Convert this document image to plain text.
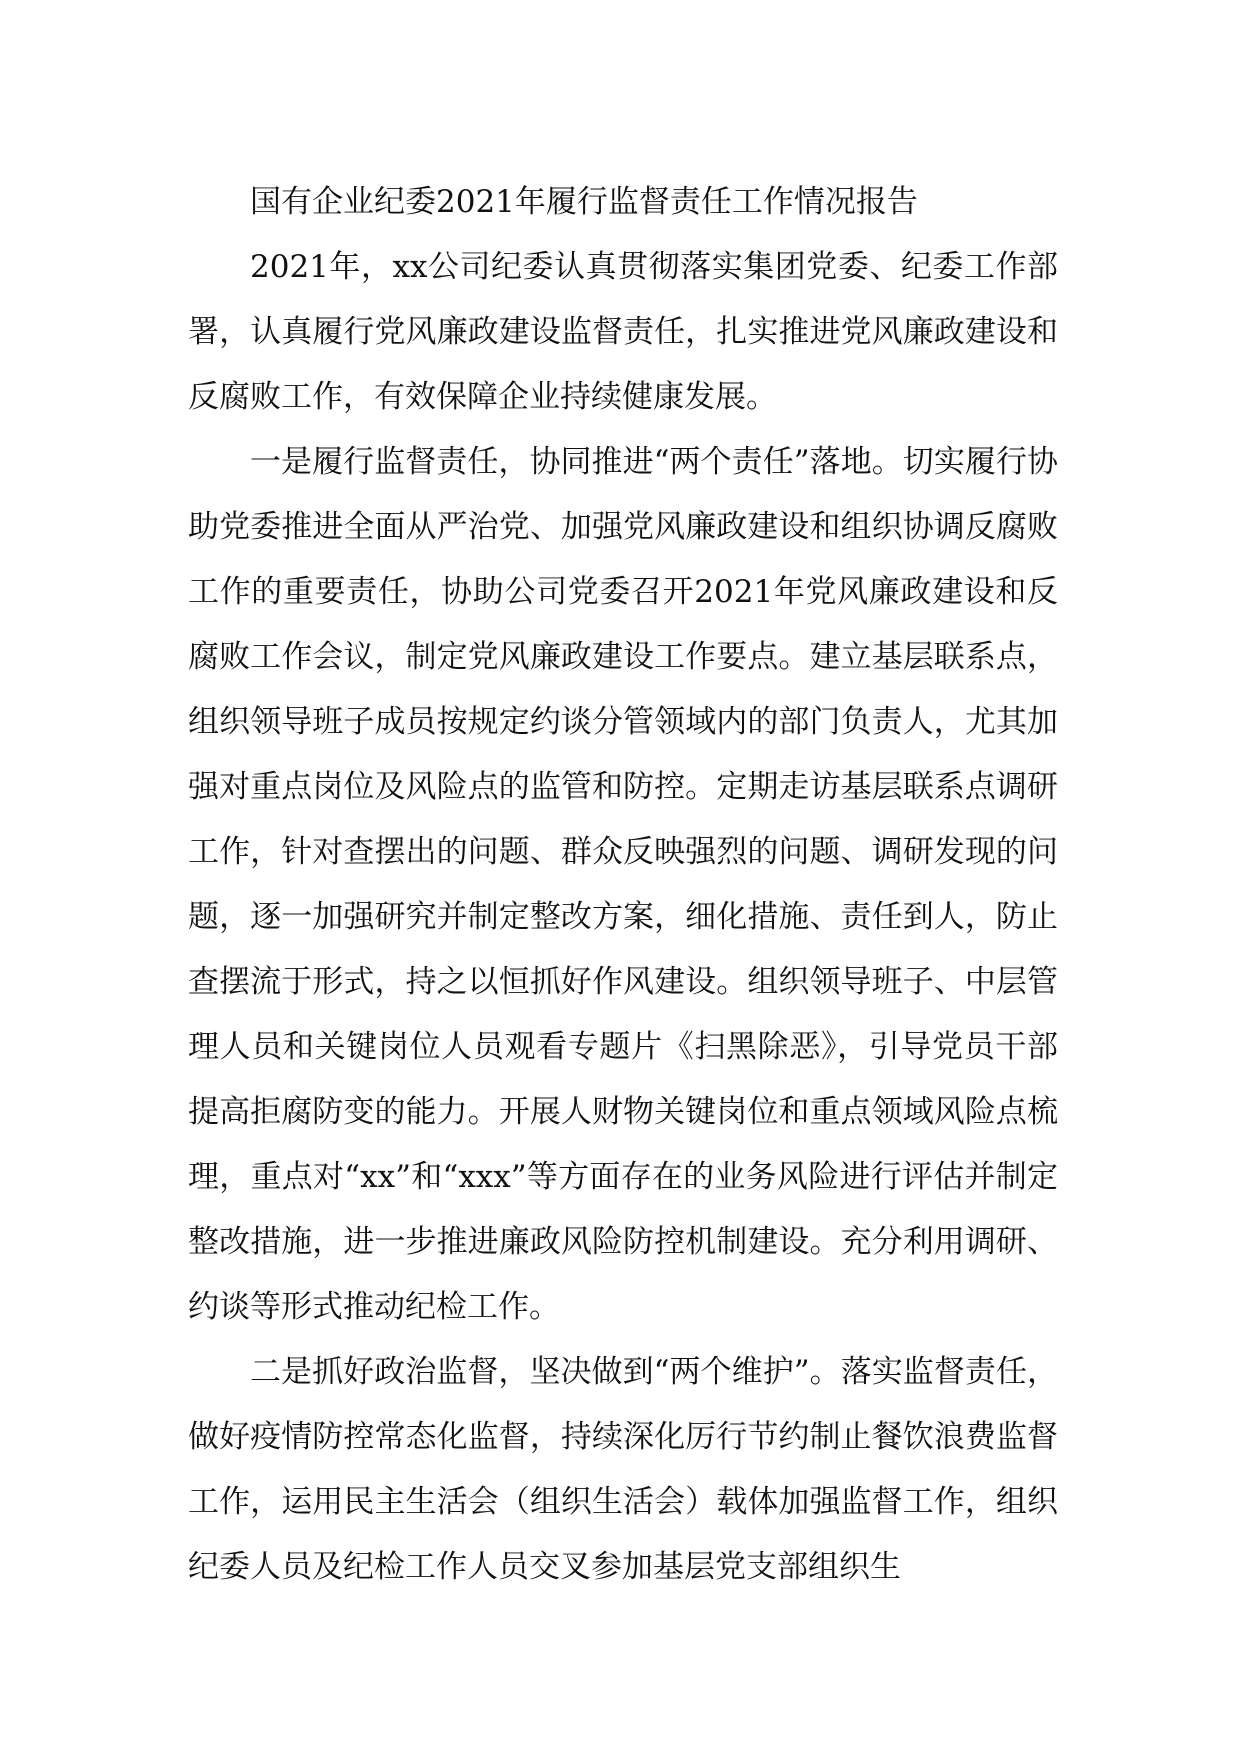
国有企业纪委2021年履行监督责任工作情况报告

2021年，xx公司纪委认真贯彻落实集团党委、纪委工作部署，认真履行党风廉政建设监督责任，扎实推进党风廉政建设和反腐败工作，有效保障企业持续健康发展。

一是履行监督责任，协同推进“两个责任”落地。切实履行协助党委推进全面从严治党、加强党风廉政建设和组织协调反腐败工作的重要责任，协助公司党委召开2021年党风廉政建设和反腐败工作会议，制定党风廉政建设工作要点。建立基层联系点，组织领导班子成员按规定约谈分管领域内的部门负责人，尤其加强对重点岗位及风险点的监管和防控。定期走访基层联系点调研工作，针对查摆出的问题、群众反映强烈的问题、调研发现的问题，逐一加强研究并制定整改方案，细化措施、责任到人，防止查摆流于形式，持之以恒抓好作风建设。组织领导班子、中层管理人员和关键岗位人员观看专题片《扫黑除恶》，引导党员干部提高拒腐防变的能力。开展人财物关键岗位和重点领域风险点梳理，重点对“xx”和“xxx”等方面存在的业务风险进行评估并制定整改措施，进一步推进廉政风险防控机制建设。充分利用调研、约谈等形式推动纪检工作。

二是抓好政治监督，坚决做到“两个维护”。落实监督责任，做好疫情防控常态化监督，持续深化厉行节约制止餐饮浪费监督工作，运用民主生活会（组织生活会）载体加强监督工作，组织纪委人员及纪检工作人员交叉参加基层党支部组织生
